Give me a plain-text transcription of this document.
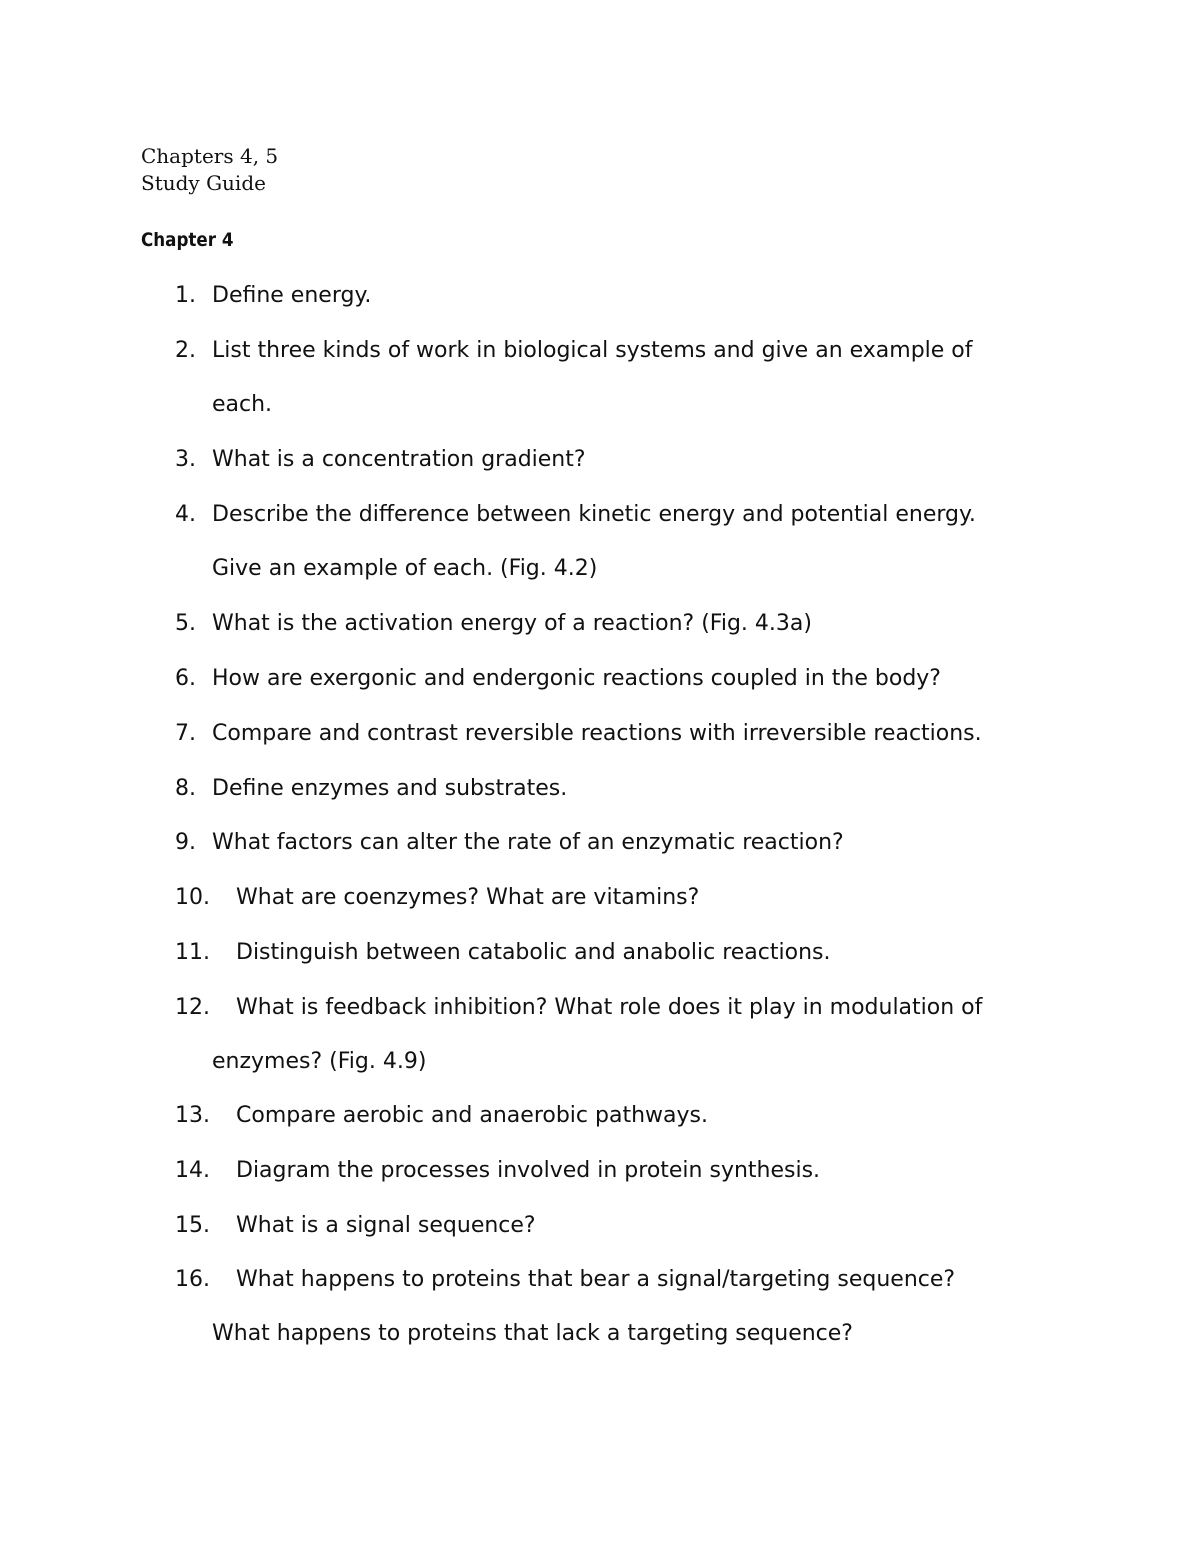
Chapters 4, 5
Study Guide
Chapter 4
1. Define energy.
2. List three kinds of work in biological systems and give an example of
each.
3. What is a concentration gradient?
4. Describe the difference between kinetic energy and potential energy.
Give an example of each. (Fig. 4.2)
5. What is the activation energy of a reaction? (Fig. 4.3a)
6. How are exergonic and endergonic reactions coupled in the body?
7. Compare and contrast reversible reactions with irreversible reactions.
8. Define enzymes and substrates.
9. What factors can alter the rate of an enzymatic reaction?
10. What are coenzymes? What are vitamins?
11. Distinguish between catabolic and anabolic reactions.
12. What is feedback inhibition? What role does it play in modulation of
enzymes? (Fig. 4.9)
13. Compare aerobic and anaerobic pathways.
14. Diagram the processes involved in protein synthesis.
15. What is a signal sequence?
16. What happens to proteins that bear a signal/targeting sequence?
What happens to proteins that lack a targeting sequence?
